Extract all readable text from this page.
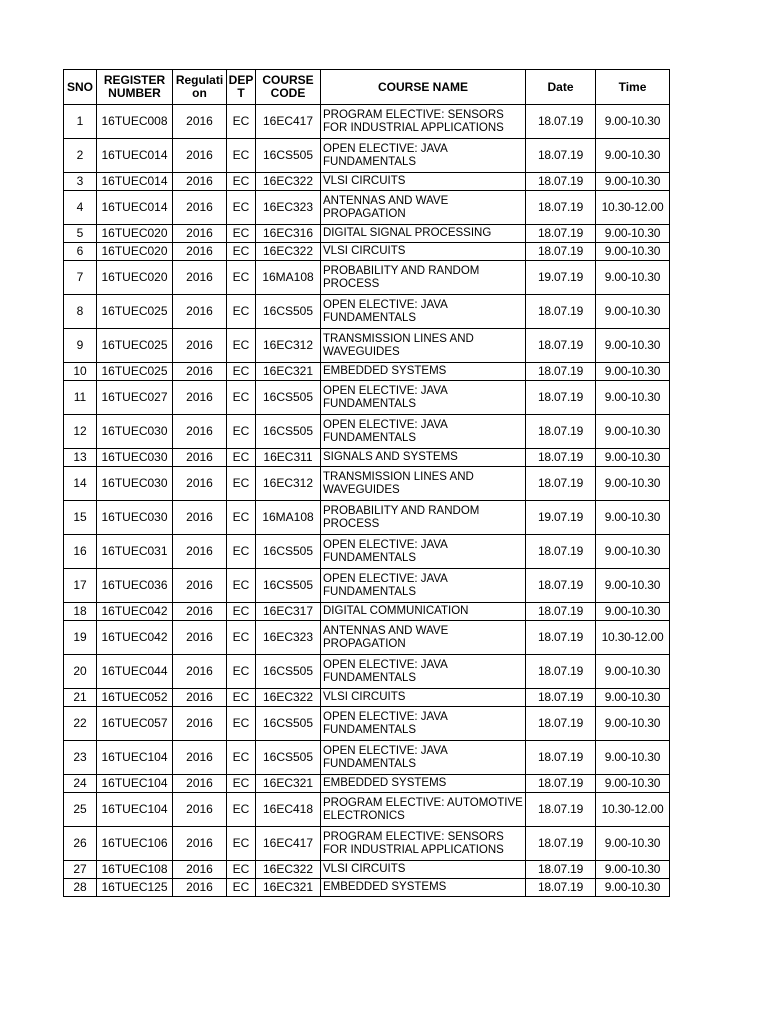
SNO	REGISTER NUMBER	Regulati on	DEP T	COURSE CODE	COURSE NAME	Date	Time
1	16TUEC008	2016	EC	16EC417	PROGRAM ELECTIVE: SENSORS FOR INDUSTRIAL APPLICATIONS	18.07.19	9.00-10.30
2	16TUEC014	2016	EC	16CS505	OPEN ELECTIVE: JAVA FUNDAMENTALS	18.07.19	9.00-10.30
3	16TUEC014	2016	EC	16EC322	VLSI CIRCUITS	18.07.19	9.00-10.30
4	16TUEC014	2016	EC	16EC323	ANTENNAS AND WAVE PROPAGATION	18.07.19	10.30-12.00
5	16TUEC020	2016	EC	16EC316	DIGITAL SIGNAL PROCESSING	18.07.19	9.00-10.30
6	16TUEC020	2016	EC	16EC322	VLSI CIRCUITS	18.07.19	9.00-10.30
7	16TUEC020	2016	EC	16MA108	PROBABILITY AND RANDOM PROCESS	19.07.19	9.00-10.30
8	16TUEC025	2016	EC	16CS505	OPEN ELECTIVE: JAVA FUNDAMENTALS	18.07.19	9.00-10.30
9	16TUEC025	2016	EC	16EC312	TRANSMISSION LINES AND WAVEGUIDES	18.07.19	9.00-10.30
10	16TUEC025	2016	EC	16EC321	EMBEDDED SYSTEMS	18.07.19	9.00-10.30
11	16TUEC027	2016	EC	16CS505	OPEN ELECTIVE: JAVA FUNDAMENTALS	18.07.19	9.00-10.30
12	16TUEC030	2016	EC	16CS505	OPEN ELECTIVE: JAVA FUNDAMENTALS	18.07.19	9.00-10.30
13	16TUEC030	2016	EC	16EC311	SIGNALS AND SYSTEMS	18.07.19	9.00-10.30
14	16TUEC030	2016	EC	16EC312	TRANSMISSION LINES AND WAVEGUIDES	18.07.19	9.00-10.30
15	16TUEC030	2016	EC	16MA108	PROBABILITY AND RANDOM PROCESS	19.07.19	9.00-10.30
16	16TUEC031	2016	EC	16CS505	OPEN ELECTIVE: JAVA FUNDAMENTALS	18.07.19	9.00-10.30
17	16TUEC036	2016	EC	16CS505	OPEN ELECTIVE: JAVA FUNDAMENTALS	18.07.19	9.00-10.30
18	16TUEC042	2016	EC	16EC317	DIGITAL COMMUNICATION	18.07.19	9.00-10.30
19	16TUEC042	2016	EC	16EC323	ANTENNAS AND WAVE PROPAGATION	18.07.19	10.30-12.00
20	16TUEC044	2016	EC	16CS505	OPEN ELECTIVE: JAVA FUNDAMENTALS	18.07.19	9.00-10.30
21	16TUEC052	2016	EC	16EC322	VLSI CIRCUITS	18.07.19	9.00-10.30
22	16TUEC057	2016	EC	16CS505	OPEN ELECTIVE: JAVA FUNDAMENTALS	18.07.19	9.00-10.30
23	16TUEC104	2016	EC	16CS505	OPEN ELECTIVE: JAVA FUNDAMENTALS	18.07.19	9.00-10.30
24	16TUEC104	2016	EC	16EC321	EMBEDDED SYSTEMS	18.07.19	9.00-10.30
25	16TUEC104	2016	EC	16EC418	PROGRAM ELECTIVE: AUTOMOTIVE ELECTRONICS	18.07.19	10.30-12.00
26	16TUEC106	2016	EC	16EC417	PROGRAM ELECTIVE: SENSORS FOR INDUSTRIAL APPLICATIONS	18.07.19	9.00-10.30
27	16TUEC108	2016	EC	16EC322	VLSI CIRCUITS	18.07.19	9.00-10.30
28	16TUEC125	2016	EC	16EC321	EMBEDDED SYSTEMS	18.07.19	9.00-10.30
